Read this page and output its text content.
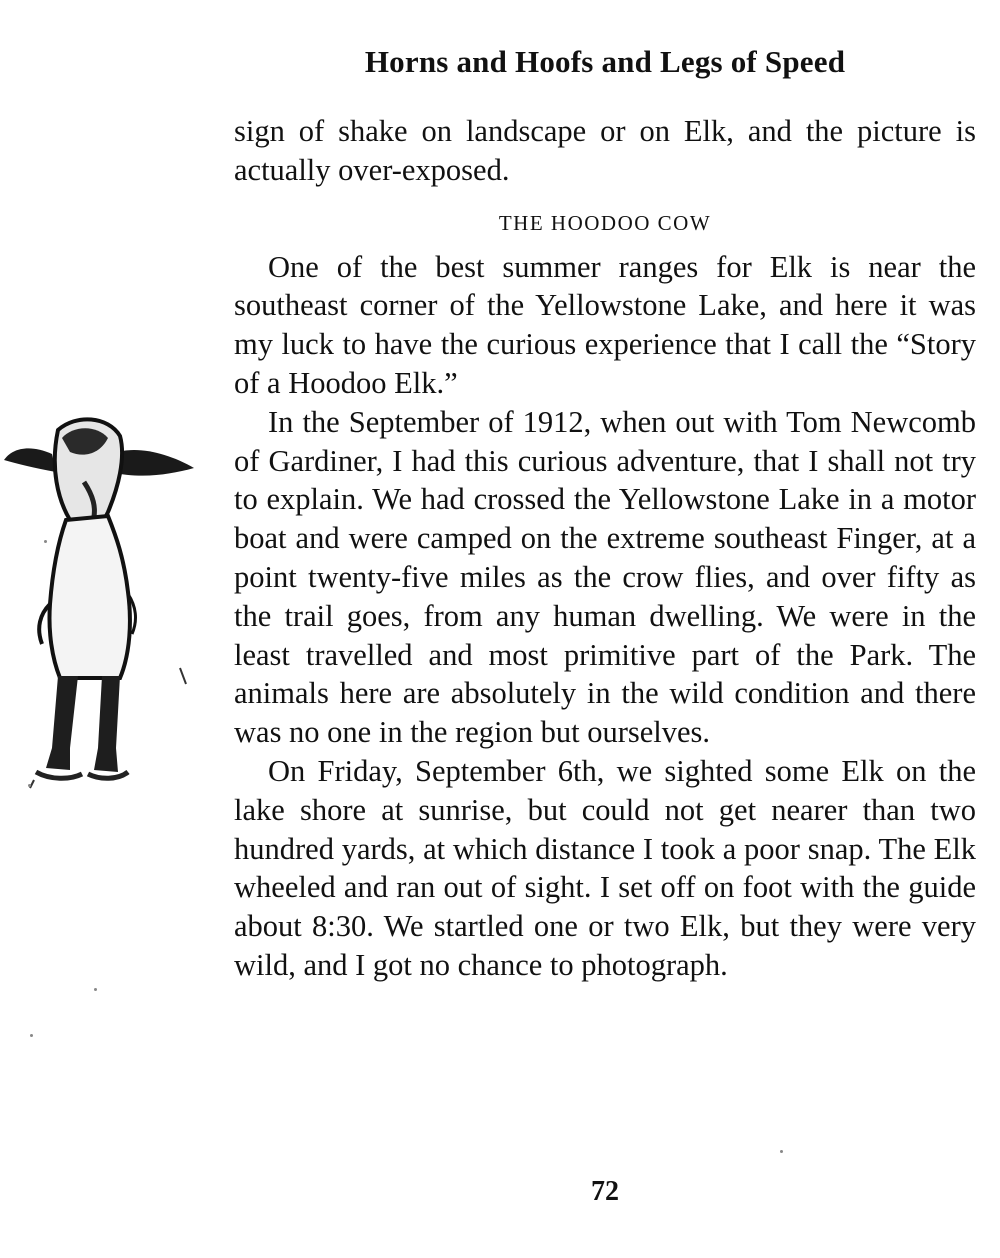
Horns and Hoofs and Legs of Speed

sign of shake on landscape or on Elk, and the picture is actually over-exposed.

THE HOODOO COW

One of the best summer ranges for Elk is near the southeast corner of the Yellowstone Lake, and here it was my luck to have the curious experience that I call the “Story of a Hoodoo Elk.”

In the September of 1912, when out with Tom Newcomb of Gardiner, I had this curious adventure, that I shall not try to explain. We had crossed the Yellowstone Lake in a motor boat and were camped on the extreme southeast Finger, at a point twenty-five miles as the crow flies, and over fifty as the trail goes, from any human dwelling. We were in the least travelled and most primitive part of the Park. The animals here are absolutely in the wild condition and there was no one in the region but ourselves.

On Friday, September 6th, we sighted some Elk on the lake shore at sunrise, but could not get nearer than two hundred yards, at which distance I took a poor snap. The Elk wheeled and ran out of sight. I set off on foot with the guide about 8:30. We startled one or two Elk, but they were very wild, and I got no chance to photograph.

72
